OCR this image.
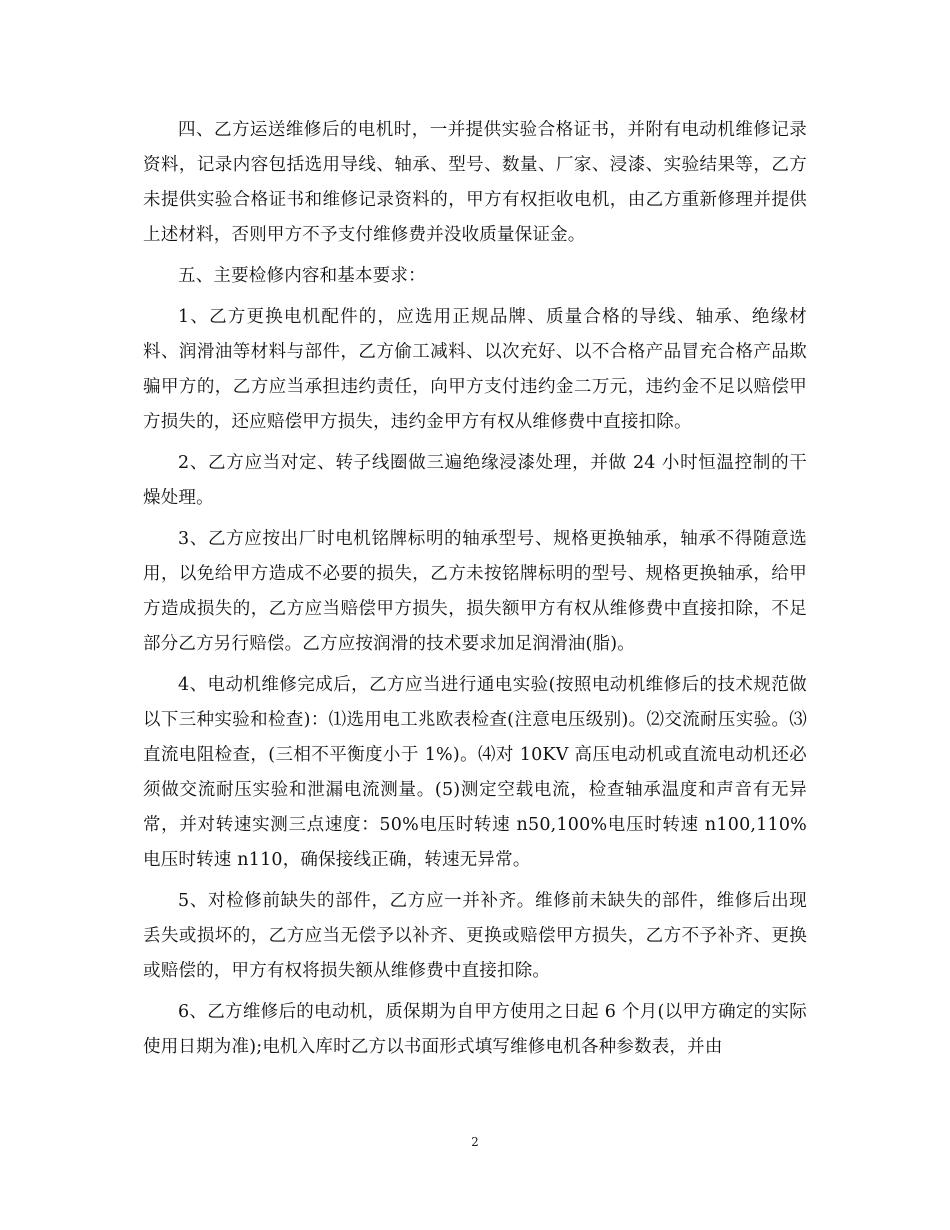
四、乙方运送维修后的电机时，一并提供实验合格证书，并附有电动机维修记录资料，记录内容包括选用导线、轴承、型号、数量、厂家、浸漆、实验结果等，乙方未提供实验合格证书和维修记录资料的，甲方有权拒收电机，由乙方重新修理并提供上述材料，否则甲方不予支付维修费并没收质量保证金。

五、主要检修内容和基本要求：

1、乙方更换电机配件的，应选用正规品牌、质量合格的导线、轴承、绝缘材料、润滑油等材料与部件，乙方偷工减料、以次充好、以不合格产品冒充合格产品欺骗甲方的，乙方应当承担违约责任，向甲方支付违约金二万元，违约金不足以赔偿甲方损失的，还应赔偿甲方损失，违约金甲方有权从维修费中直接扣除。

2、乙方应当对定、转子线圈做三遍绝缘浸漆处理，并做 24 小时恒温控制的干燥处理。

3、乙方应按出厂时电机铭牌标明的轴承型号、规格更换轴承，轴承不得随意选用，以免给甲方造成不必要的损失，乙方未按铭牌标明的型号、规格更换轴承，给甲方造成损失的，乙方应当赔偿甲方损失，损失额甲方有权从维修费中直接扣除，不足部分乙方另行赔偿。乙方应按润滑的技术要求加足润滑油(脂)。

4、电动机维修完成后，乙方应当进行通电实验(按照电动机维修后的技术规范做以下三种实验和检查)：⑴选用电工兆欧表检查(注意电压级别)。⑵交流耐压实验。⑶直流电阻检查，(三相不平衡度小于 1%)。⑷对 10KV 高压电动机或直流电动机还必须做交流耐压实验和泄漏电流测量。(5)测定空载电流，检查轴承温度和声音有无异常，并对转速实测三点速度：50%电压时转速 n50,100%电压时转速 n100,110%电压时转速 n110，确保接线正确，转速无异常。

5、对检修前缺失的部件，乙方应一并补齐。维修前未缺失的部件，维修后出现丢失或损坏的，乙方应当无偿予以补齐、更换或赔偿甲方损失，乙方不予补齐、更换或赔偿的，甲方有权将损失额从维修费中直接扣除。

6、乙方维修后的电动机，质保期为自甲方使用之日起 6 个月(以甲方确定的实际使用日期为准);电机入库时乙方以书面形式填写维修电机各种参数表，并由

2
